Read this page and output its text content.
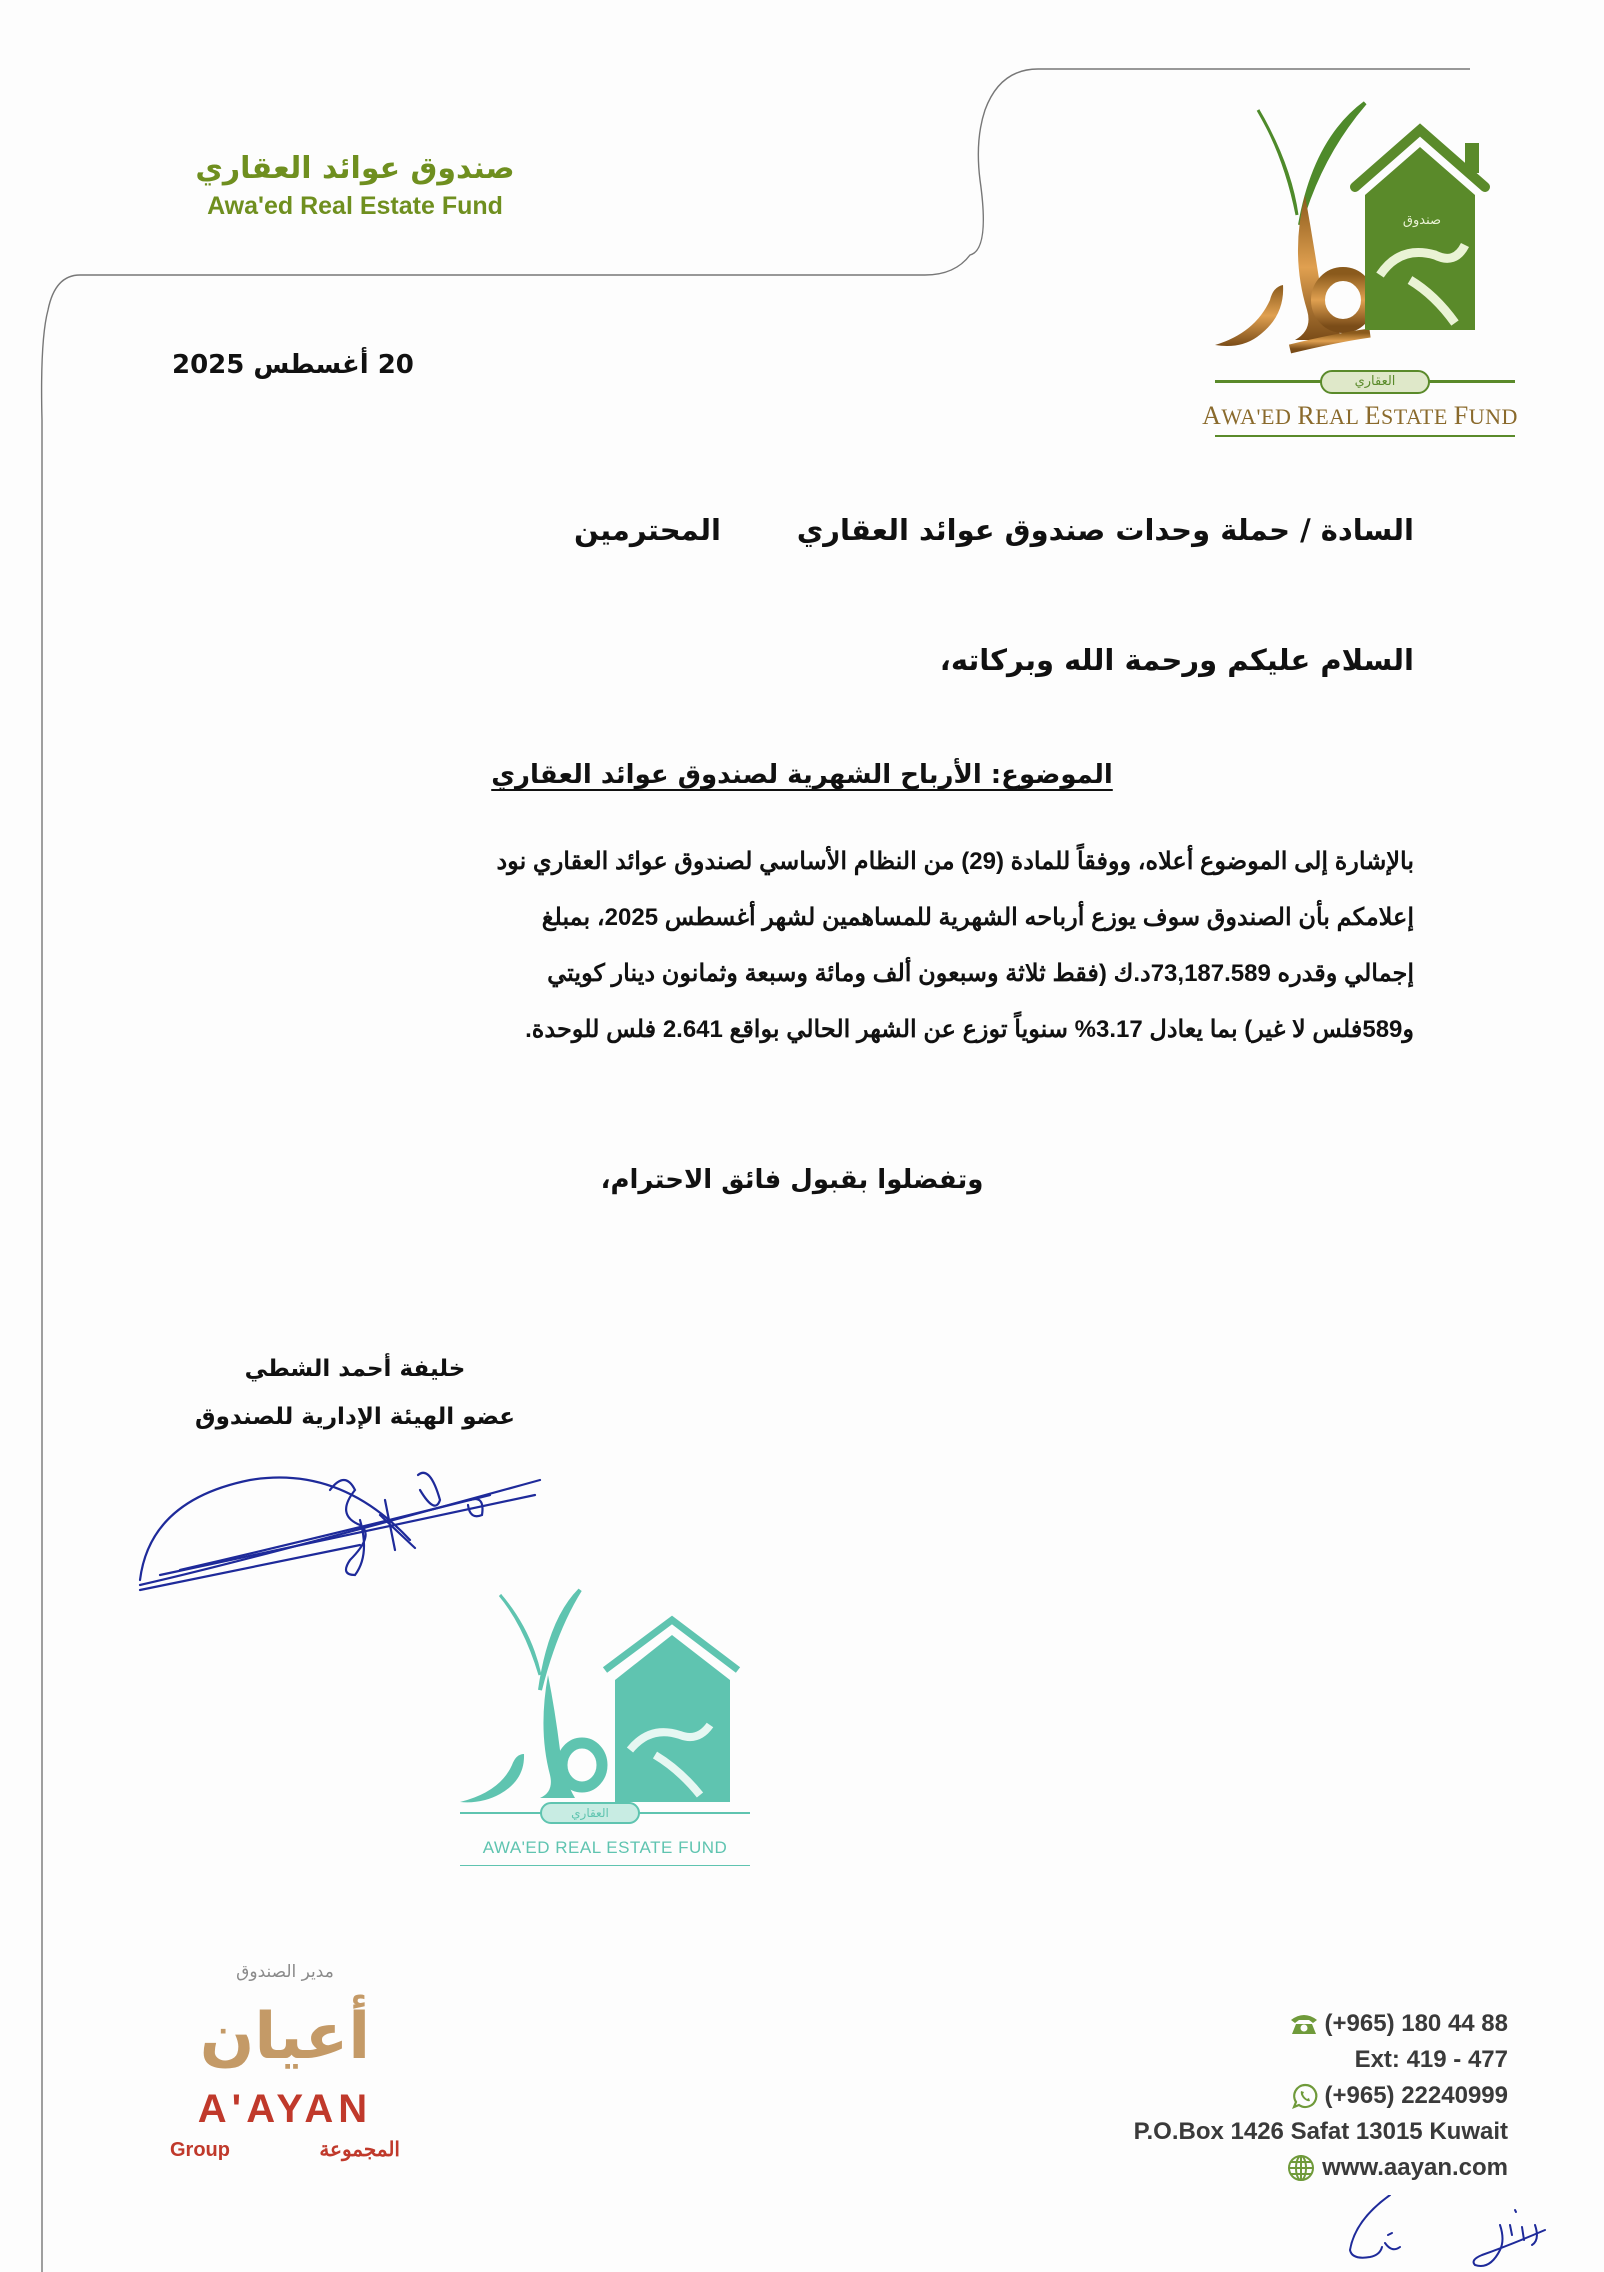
صندوق عوائد العقاري
Awa'ed Real Estate Fund
صندوق
العقاري
AWA'ED REAL ESTATE FUND
20 أغسطس 2025
السادة / حملة وحدات صندوق عوائد العقاري
المحترمين
السلام عليكم ورحمة الله وبركاته،
الموضوع: الأرباح الشهرية لصندوق عوائد العقاري
بالإشارة إلى الموضوع أعلاه، ووفقاً للمادة (29) من النظام الأساسي لصندوق عوائد العقاري نود
إعلامكم بأن الصندوق سوف يوزع أرباحه الشهرية للمساهمين لشهر أغسطس 2025، بمبلغ
إجمالي وقدره 73,187.589د.ك (فقط ثلاثة وسبعون ألف ومائة وسبعة وثمانون دينار كويتي
و589فلس لا غير) بما يعادل 3.17% سنوياً توزع عن الشهر الحالي بواقع 2.641 فلس للوحدة.
وتفضلوا بقبول فائق الاحترام،
خليفة أحمد الشطي
عضو الهيئة الإدارية للصندوق
العقاري
AWA'ED REAL ESTATE FUND
مدير الصندوق
أعيان
A'AYAN
Group	المجموعة
(+965) 180 44 88
Ext: 419 - 477
(+965) 22240999
P.O.Box 1426 Safat 13015 Kuwait
www.aayan.com
